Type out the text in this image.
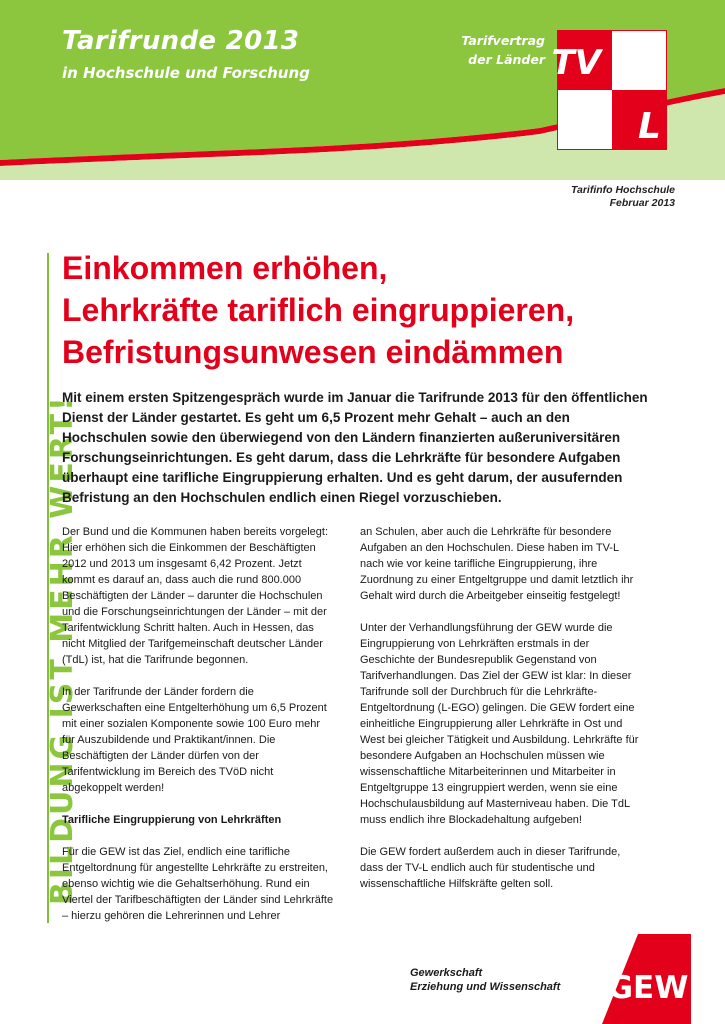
Tarifrunde 2013
in Hochschule und Forschung
Tarifvertrag
der Länder TV
L
Tarifinfo Hochschule
Februar 2013
BILDUNG IST MEHR WERT!
Einkommen erhöhen,
Lehrkräfte tariflich eingruppieren,
Befristungsunwesen eindämmen

Mit einem ersten Spitzengespräch wurde im Januar die Tarifrunde 2013 für den öffentlichen Dienst der Länder gestartet. Es geht um 6,5 Prozent mehr Gehalt – auch an den Hochschulen sowie den überwiegend von den Ländern finanzierten außeruniversitären Forschungseinrichtungen. Es geht darum, dass die Lehrkräfte für besondere Aufgaben überhaupt eine tarifliche Eingruppierung erhalten. Und es geht darum, der ausufernden Befristung an den Hochschulen endlich einen Riegel vorzuschieben.

Der Bund und die Kommunen haben bereits vorgelegt: Hier erhöhen sich die Einkommen der Beschäftigten 2012 und 2013 um insgesamt 6,42 Prozent. Jetzt kommt es darauf an, dass auch die rund 800.000 Beschäftigten der Länder – darunter die Hochschulen und die Forschungseinrichtungen der Länder – mit der Tarifentwicklung Schritt halten. Auch in Hessen, das nicht Mitglied der Tarifgemeinschaft deutscher Länder (TdL) ist, hat die Tarifrunde begonnen.

In der Tarifrunde der Länder fordern die Gewerkschaften eine Entgelterhöhung um 6,5 Prozent mit einer sozialen Komponente sowie 100 Euro mehr für Auszubildende und Praktikant/innen. Die Beschäftigten der Länder dürfen von der Tarifentwicklung im Bereich des TVöD nicht abgekoppelt werden!

Tarifliche Eingruppierung von Lehrkräften

Für die GEW ist das Ziel, endlich eine tarifliche Entgeltordnung für angestellte Lehrkräfte zu erstreiten, ebenso wichtig wie die Gehaltserhöhung. Rund ein Viertel der Tarifbeschäftigten der Länder sind Lehrkräfte – hierzu gehören die Lehrerinnen und Lehrer

an Schulen, aber auch die Lehrkräfte für besondere Aufgaben an den Hochschulen. Diese haben im TV-L nach wie vor keine tarifliche Eingruppierung, ihre Zuordnung zu einer Entgeltgruppe und damit letztlich ihr Gehalt wird durch die Arbeitgeber einseitig festgelegt!

Unter der Verhandlungsführung der GEW wurde die Eingruppierung von Lehrkräften erstmals in der Geschichte der Bundesrepublik Gegenstand von Tarifverhandlungen. Das Ziel der GEW ist klar: In dieser Tarifrunde soll der Durchbruch für die Lehrkräfte-Entgeltordnung (L-EGO) gelingen. Die GEW fordert eine einheitliche Eingruppierung aller Lehrkräfte in Ost und West bei gleicher Tätigkeit und Ausbildung. Lehrkräfte für besondere Aufgaben an Hochschulen müssen wie wissenschaftliche Mitarbeiterinnen und Mitarbeiter in Entgeltgruppe 13 eingruppiert werden, wenn sie eine Hochschulausbildung auf Masterniveau haben. Die TdL muss endlich ihre Blockadehaltung aufgeben!

Die GEW fordert außerdem auch in dieser Tarifrunde, dass der TV-L endlich auch für studentische und wissenschaftliche Hilfskräfte gelten soll.

Gewerkschaft
Erziehung und Wissenschaft GEW
